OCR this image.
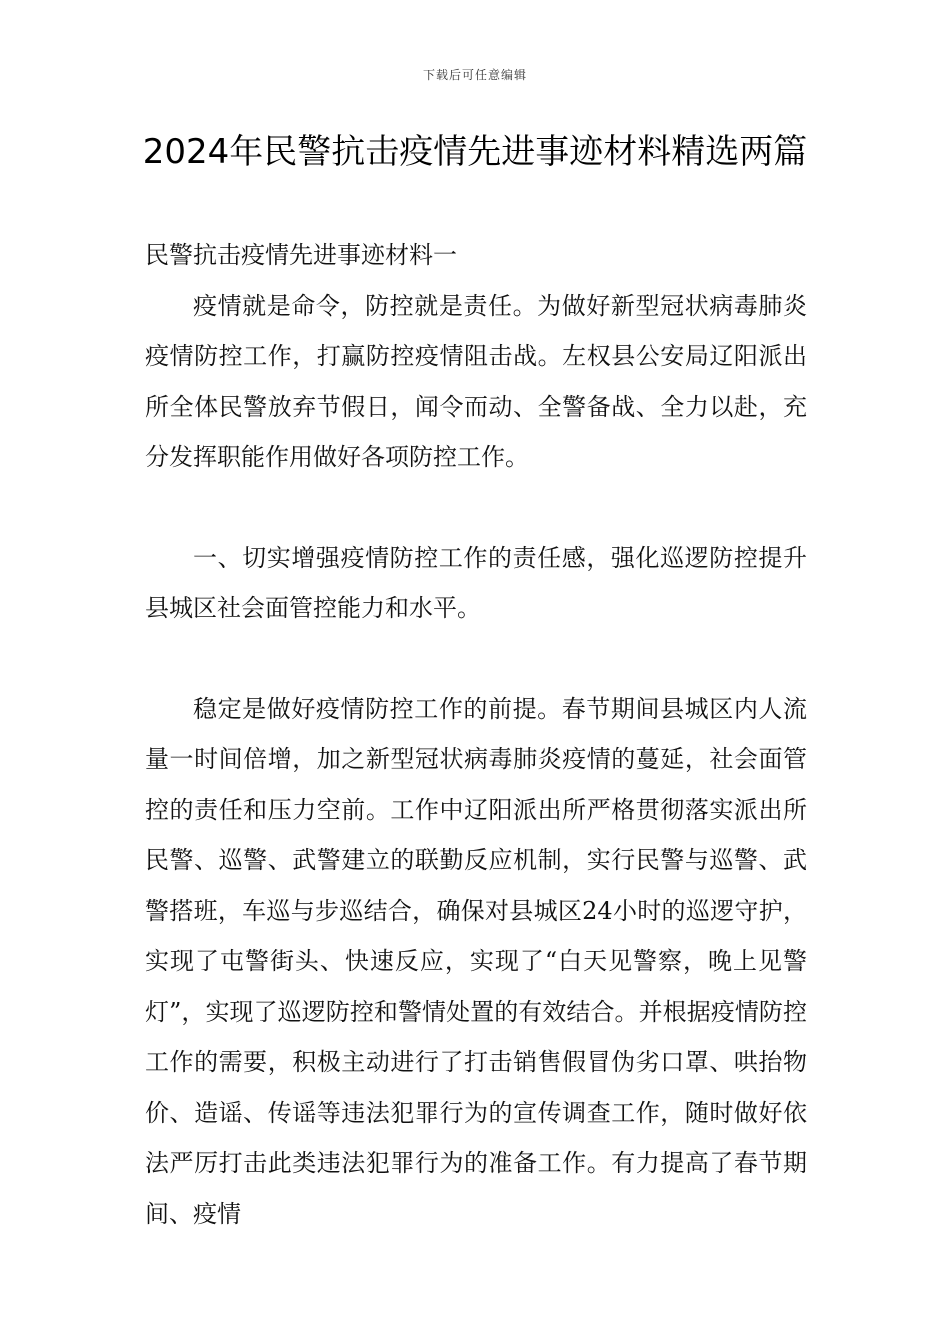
下载后可任意编辑
2024年民警抗击疫情先进事迹材料精选两篇

民警抗击疫情先进事迹材料一

疫情就是命令，防控就是责任。为做好新型冠状病毒肺炎疫情防控工作，打赢防控疫情阻击战。左权县公安局辽阳派出所全体民警放弃节假日，闻令而动、全警备战、全力以赴，充分发挥职能作用做好各项防控工作。

一、切实增强疫情防控工作的责任感，强化巡逻防控提升县城区社会面管控能力和水平。

稳定是做好疫情防控工作的前提。春节期间县城区内人流量一时间倍增，加之新型冠状病毒肺炎疫情的蔓延，社会面管控的责任和压力空前。工作中辽阳派出所严格贯彻落实派出所民警、巡警、武警建立的联勤反应机制，实行民警与巡警、武警搭班，车巡与步巡结合，确保对县城区24小时的巡逻守护，实现了屯警街头、快速反应，实现了“白天见警察，晚上见警灯”，实现了巡逻防控和警情处置的有效结合。并根据疫情防控工作的需要，积极主动进行了打击销售假冒伪劣口罩、哄抬物价、造谣、传谣等违法犯罪行为的宣传调查工作，随时做好依法严厉打击此类违法犯罪行为的准备工作。有力提高了春节期间、疫情
